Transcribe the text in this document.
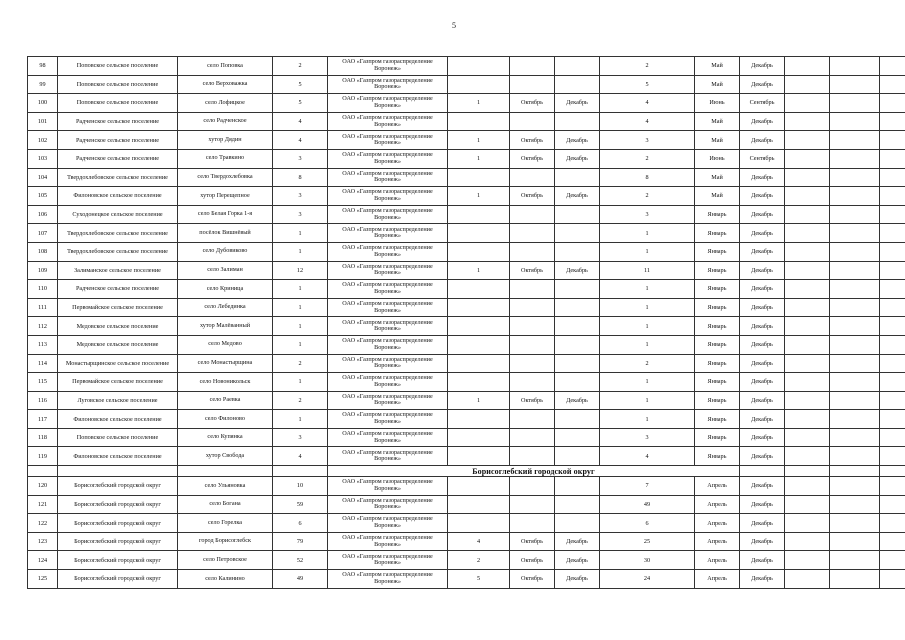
5
98	Поповское сельское поселение	село Поповка	2	ОАО «Газпром газораспределение Воронеж»				2	Май	Декабрь			
99	Поповское сельское поселение	село Верховажка	5	ОАО «Газпром газораспределение Воронеж»				5	Май	Декабрь			
100	Поповское сельское поселение	село Лофицкое	5	ОАО «Газпром газораспределение Воронеж»	1	Октябрь	Декабрь	4	Июнь	Сентябрь			
101	Радченское сельское поселение	село Радченское	4	ОАО «Газпром газораспределение Воронеж»				4	Май	Декабрь			
102	Радченское сельское поселение	хутор Дядин	4	ОАО «Газпром газораспределение Воронеж»	1	Октябрь	Декабрь	3	Май	Декабрь			
103	Радченское сельское поселение	село Травкино	3	ОАО «Газпром газораспределение Воронеж»	1	Октябрь	Декабрь	2	Июнь	Сентябрь			
104	Твердохлебовское сельское поселение	село Твердохлебовка	8	ОАО «Газпром газораспределение Воронеж»				8	Май	Декабрь			
105	Филоновское сельское поселение	хутор Перещепное	3	ОАО «Газпром газораспределение Воронеж»	1	Октябрь	Декабрь	2	Май	Декабрь			
106	Суходонецкое сельское поселение	село Белая Горка 1-я	3	ОАО «Газпром газораспределение Воронеж»				3	Январь	Декабрь			
107	Твердохлебовское сельское поселение	посёлок Вишнёвый	1	ОАО «Газпром газораспределение Воронеж»				1	Январь	Декабрь			
108	Твердохлебовское сельское поселение	село Дубовиково	1	ОАО «Газпром газораспределение Воронеж»				1	Январь	Декабрь			
109	Залиманское сельское поселение	село Залиман	12	ОАО «Газпром газораспределение Воронеж»	1	Октябрь	Декабрь	11	Январь	Декабрь			
110	Радченское сельское поселение	село Криница	1	ОАО «Газпром газораспределение Воронеж»				1	Январь	Декабрь			
111	Первомайское сельское поселение	село Лебединка	1	ОАО «Газпром газораспределение Воронеж»				1	Январь	Декабрь			
112	Медовское сельское поселение	хутор Малёванный	1	ОАО «Газпром газораспределение Воронеж»				1	Январь	Декабрь			
113	Медовское сельское поселение	село Медово	1	ОАО «Газпром газораспределение Воронеж»				1	Январь	Декабрь			
114	Монастырщинское сельское поселение	село Монастырщина	2	ОАО «Газпром газораспределение Воронеж»				2	Январь	Декабрь			
115	Первомайское сельское поселение	село Новоникольск	1	ОАО «Газпром газораспределение Воронеж»				1	Январь	Декабрь			
116	Луговское сельское поселение	село Раевка	2	ОАО «Газпром газораспределение Воронеж»	1	Октябрь	Декабрь	1	Январь	Декабрь			
117	Филоновское сельское поселение	село Филоново	1	ОАО «Газпром газораспределение Воронеж»				1	Январь	Декабрь			
118	Поповское сельское поселение	село Купянка	3	ОАО «Газпром газораспределение Воронеж»				3	Январь	Декабрь			
119	Филоновское сельское поселение	хутор Свобода	4	ОАО «Газпром газораспределение Воронеж»				4	Январь	Декабрь			
				Борисоглебский городской округ									
120	Борисоглебский городской округ	село Ульяновка	10	ОАО «Газпром газораспределение Воронеж»				7	Апрель	Декабрь			
121	Борисоглебский городской округ	село Богана	59	ОАО «Газпром газораспределение Воронеж»				49	Апрель	Декабрь			
122	Борисоглебский городской округ	село Горелка	6	ОАО «Газпром газораспределение Воронеж»				6	Апрель	Декабрь			
123	Борисоглебский городской округ	город Борисоглебск	79	ОАО «Газпром газораспределение Воронеж»	4	Октябрь	Декабрь	25	Апрель	Декабрь			
124	Борисоглебский городской округ	село Петровское	52	ОАО «Газпром газораспределение Воронеж»	2	Октябрь	Декабрь	30	Апрель	Декабрь			
125	Борисоглебский городской округ	село Калинино	49	ОАО «Газпром газораспределение Воронеж»	5	Октябрь	Декабрь	24	Апрель	Декабрь			
